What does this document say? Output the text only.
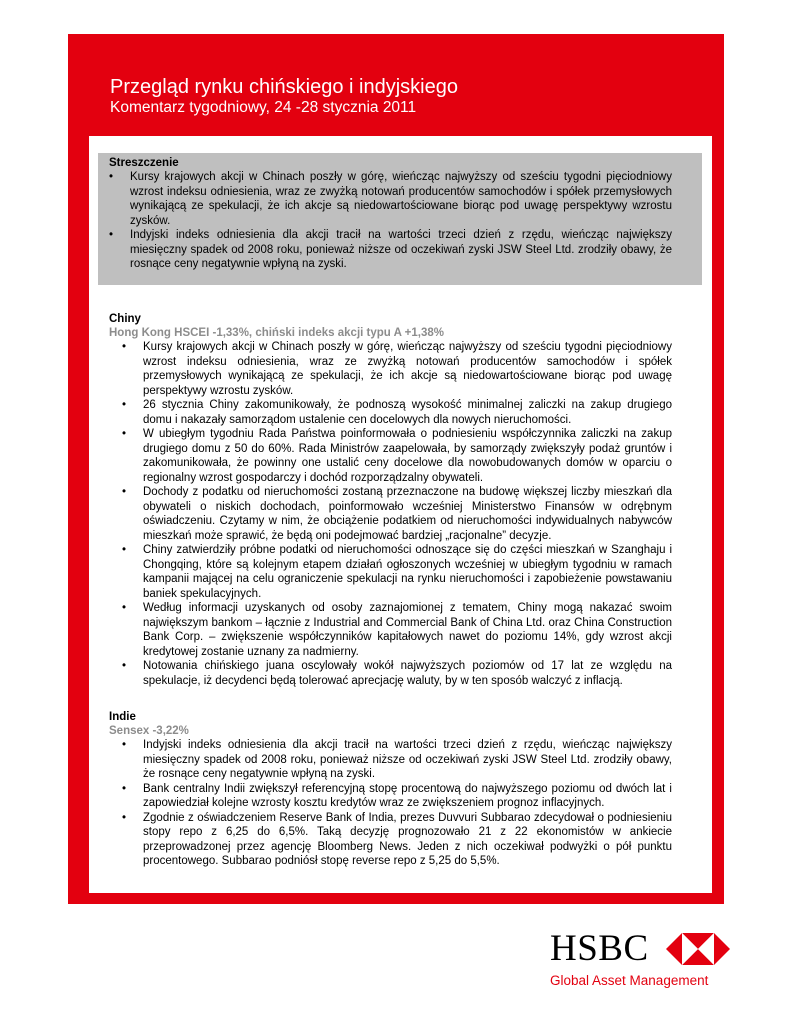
Przegląd rynku chińskiego i indyjskiego
Komentarz tygodniowy, 24 -28 stycznia 2011
Streszczenie
• Kursy krajowych akcji w Chinach poszły w górę, wieńcząc najwyższy od sześciu tygodni pięciodniowy wzrost indeksu odniesienia, wraz ze zwyżką notowań producentów samochodów i spółek przemysłowych wynikającą ze spekulacji, że ich akcje są niedowartościowane biorąc pod uwagę perspektywy wzrostu zysków.
• Indyjski indeks odniesienia dla akcji tracił na wartości trzeci dzień z rzędu, wieńcząc największy miesięczny spadek od 2008 roku, ponieważ niższe od oczekiwań zyski JSW Steel Ltd. zrodziły obawy, że rosnące ceny negatywnie wpłyną na zyski.
Chiny
Hong Kong HSCEI -1,33%, chiński indeks akcji typu A +1,38%
• Kursy krajowych akcji w Chinach poszły w górę, wieńcząc najwyższy od sześciu tygodni pięciodniowy wzrost indeksu odniesienia, wraz ze zwyżką notowań producentów samochodów i spółek przemysłowych wynikającą ze spekulacji, że ich akcje są niedowartościowane biorąc pod uwagę perspektywy wzrostu zysków.
• 26 stycznia Chiny zakomunikowały, że podnoszą wysokość minimalnej zaliczki na zakup drugiego domu i nakazały samorządom ustalenie cen docelowych dla nowych nieruchomości.
• W ubiegłym tygodniu Rada Państwa poinformowała o podniesieniu współczynnika zaliczki na zakup drugiego domu z 50 do 60%. Rada Ministrów zaapelowała, by samorządy zwiększyły podaż gruntów i zakomunikowała, że powinny one ustalić ceny docelowe dla nowobudowanych domów w oparciu o regionalny wzrost gospodarczy i dochód rozporządzalny obywateli.
• Dochody z podatku od nieruchomości zostaną przeznaczone na budowę większej liczby mieszkań dla obywateli o niskich dochodach, poinformowało wcześniej Ministerstwo Finansów w odrębnym oświadczeniu. Czytamy w nim, że obciążenie podatkiem od nieruchomości indywidualnych nabywców mieszkań może sprawić, że będą oni podejmować bardziej „racjonalne” decyzje.
• Chiny zatwierdziły próbne podatki od nieruchomości odnoszące się do części mieszkań w Szanghaju i Chongqing, które są kolejnym etapem działań ogłoszonych wcześniej w ubiegłym tygodniu w ramach kampanii mającej na celu ograniczenie spekulacji na rynku nieruchomości i zapobieżenie powstawaniu baniek spekulacyjnych.
• Według informacji uzyskanych od osoby zaznajomionej z tematem, Chiny mogą nakazać swoim największym bankom – łącznie z Industrial and Commercial Bank of China Ltd. oraz China Construction Bank Corp. – zwiększenie współczynników kapitałowych nawet do poziomu 14%, gdy wzrost akcji kredytowej zostanie uznany za nadmierny.
• Notowania chińskiego juana oscylowały wokół najwyższych poziomów od 17 lat ze względu na spekulacje, iż decydenci będą tolerować aprecjację waluty, by w ten sposób walczyć z inflacją.
Indie
Sensex -3,22%
• Indyjski indeks odniesienia dla akcji tracił na wartości trzeci dzień z rzędu, wieńcząc największy miesięczny spadek od 2008 roku, ponieważ niższe od oczekiwań zyski JSW Steel Ltd. zrodziły obawy, że rosnące ceny negatywnie wpłyną na zyski.
• Bank centralny Indii zwiększył referencyjną stopę procentową do najwyższego poziomu od dwóch lat i zapowiedział kolejne wzrosty kosztu kredytów wraz ze zwiększeniem prognoz inflacyjnych.
• Zgodnie z oświadczeniem Reserve Bank of India, prezes Duvvuri Subbarao zdecydował o podniesieniu stopy repo z 6,25 do 6,5%. Taką decyzję prognozowało 21 z 22 ekonomistów w ankiecie przeprowadzonej przez agencję Bloomberg News. Jeden z nich oczekiwał podwyżki o pół punktu procentowego. Subbarao podniósł stopę reverse repo z 5,25 do 5,5%.
HSBC
Global Asset Management
